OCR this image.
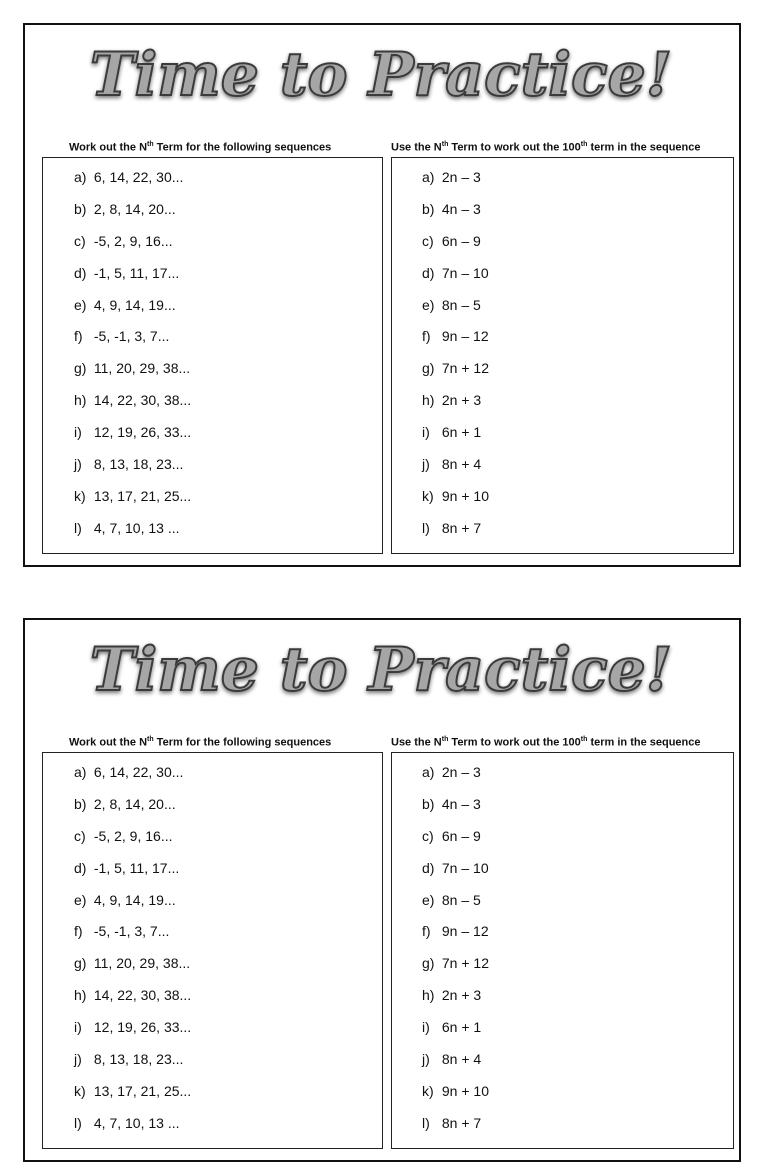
Time to Practice!
Work out the $N^{th}$ Term for the following sequences	Use the $N^{th}$ Term to work out the 100th term in the sequence
a) 6, 14, 22, 30...
b) 2, 8, 14, 20...
c) -5, 2, 9, 16...
d) -1, 5, 11, 17...
e) 4, 9, 14, 19...
f) -5, -1, 3, 7...
g) 11, 20, 29, 38...
h) 14, 22, 30, 38...
i) 12, 19, 26, 33...
j) 8, 13, 18, 23...
k) 13, 17, 21, 25...
l) 4, 7, 10, 13 ...
a) 2n – 3
b) 4n – 3
c) 6n – 9
d) 7n – 10
e) 8n – 5
f) 9n – 12
g) 7n + 12
h) 2n + 3
i) 6n + 1
j) 8n + 4
k) 9n + 10
l) 8n + 7
Time to Practice!
Work out the $N^{th}$ Term for the following sequences	Use the $N^{th}$ Term to work out the 100th term in the sequence
a) 6, 14, 22, 30...
b) 2, 8, 14, 20...
c) -5, 2, 9, 16...
d) -1, 5, 11, 17...
e) 4, 9, 14, 19...
f) -5, -1, 3, 7...
g) 11, 20, 29, 38...
h) 14, 22, 30, 38...
i) 12, 19, 26, 33...
j) 8, 13, 18, 23...
k) 13, 17, 21, 25...
l) 4, 7, 10, 13 ...
a) 2n – 3
b) 4n – 3
c) 6n – 9
d) 7n – 10
e) 8n – 5
f) 9n – 12
g) 7n + 12
h) 2n + 3
i) 6n + 1
j) 8n + 4
k) 9n + 10
l) 8n + 7
